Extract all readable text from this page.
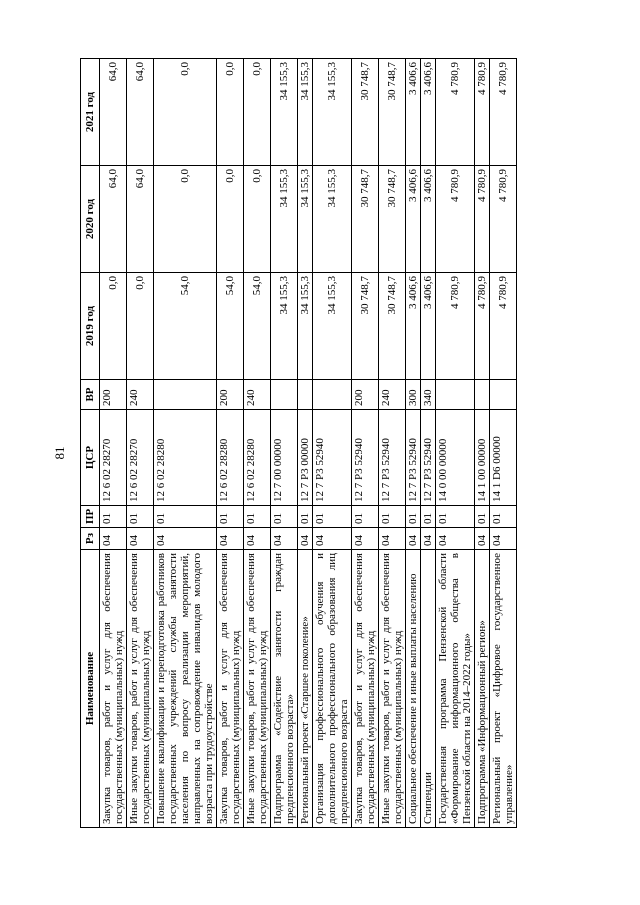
81
Наименование	Рз	ПР	ЦСР	ВР	2019 год	2020 год	2021 год
Закупка товаров, работ и услуг для обеспечения государственных (муниципальных) нужд	04	01	12 6 02 28270	200	0,0	64,0	64,0
Иные закупки товаров, работ и услуг для обеспечения государственных (муниципальных) нужд	04	01	12 6 02 28270	240	0,0	64,0	64,0
Повышение квалификации и переподготовка работников государственных учреждений службы занятости населения по вопросу реализации мероприятий, направленных на сопровождение инвалидов молодого возраста при трудоустройстве	04	01	12 6 02 28280		54,0	0,0	0,0
Закупка товаров, работ и услуг для обеспечения государственных (муниципальных) нужд	04	01	12 6 02 28280	200	54,0	0,0	0,0
Иные закупки товаров, работ и услуг для обеспечения государственных (муниципальных) нужд	04	01	12 6 02 28280	240	54,0	0,0	0,0
Подпрограмма «Содействие занятости граждан предпенсионного возраста»	04	01	12 7 00 00000		34 155,3	34 155,3	34 155,3
Региональный проект «Старшее поколение»	04	01	12 7 P3 00000		34 155,3	34 155,3	34 155,3
Организация профессионального обучения и дополнительного профессионального образования лиц предпенсионного возраста	04	01	12 7 P3 52940		34 155,3	34 155,3	34 155,3
Закупка товаров, работ и услуг для обеспечения государственных (муниципальных) нужд	04	01	12 7 P3 52940	200	30 748,7	30 748,7	30 748,7
Иные закупки товаров, работ и услуг для обеспечения государственных (муниципальных) нужд	04	01	12 7 P3 52940	240	30 748,7	30 748,7	30 748,7
Социальное обеспечение и иные выплаты населению	04	01	12 7 P3 52940	300	3 406,6	3 406,6	3 406,6
Стипендии	04	01	12 7 P3 52940	340	3 406,6	3 406,6	3 406,6
Государственная программа Пензенской области «Формирование информационного общества в Пензенской области на 2014–2022 годы»	04	01	14 0 00 00000		4 780,9	4 780,9	4 780,9
Подпрограмма «Информационный регион»	04	01	14 1 00 00000		4 780,9	4 780,9	4 780,9
Региональный проект «Цифровое государственное управление»	04	01	14 1 D6 00000		4 780,9	4 780,9	4 780,9
